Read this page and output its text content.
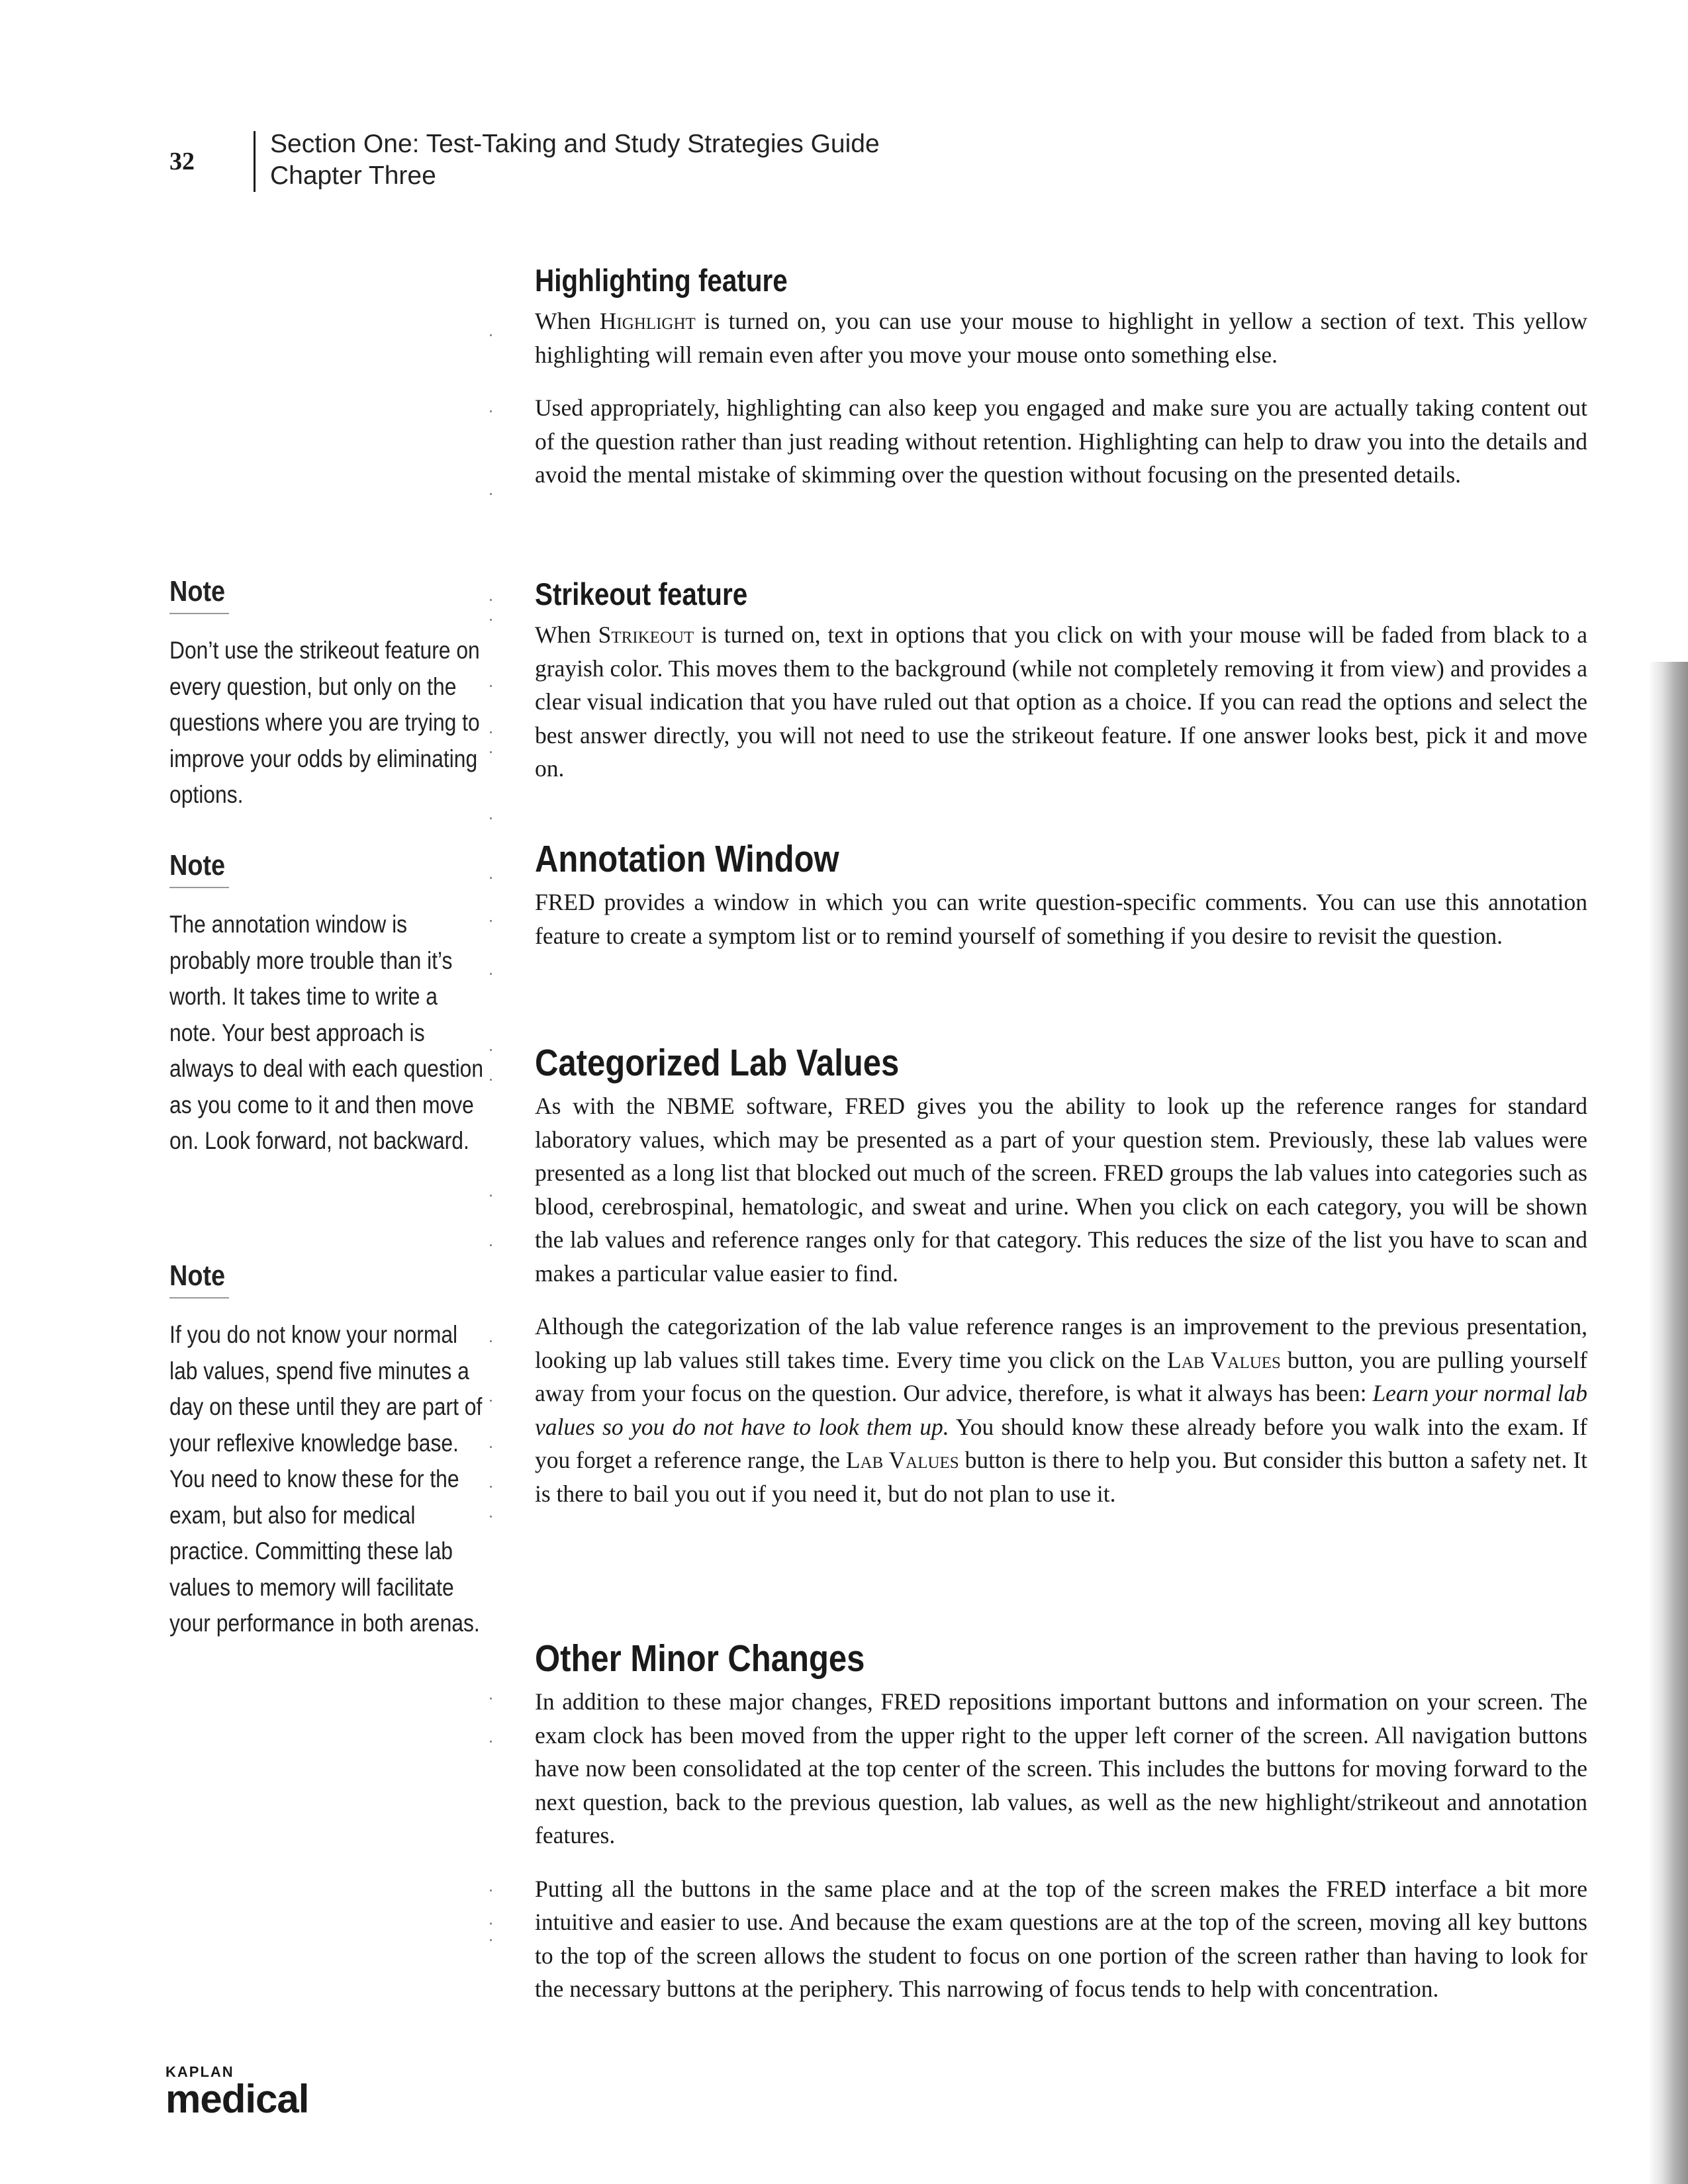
32
Section One: Test-Taking and Study Strategies Guide
Chapter Three

Note

Don’t use the strikeout feature on every question, but only on the questions where you are trying to improve your odds by eliminating options.

Note

The annotation window is probably more trouble than it’s worth. It takes time to write a note. Your best approach is always to deal with each question as you come to it and then move on. Look forward, not backward.

Note

If you do not know your normal lab values, spend five minutes a day on these until they are part of your reflexive knowledge base. You need to know these for the exam, but also for medical practice. Committing these lab values to memory will facilitate your performance in both arenas.

Highlighting feature

When Highlight is turned on, you can use your mouse to highlight in yellow a section of text. This yellow highlighting will remain even after you move your mouse onto something else.

Used appropriately, highlighting can also keep you engaged and make sure you are actually taking content out of the question rather than just reading without retention. Highlighting can help to draw you into the details and avoid the mental mistake of skimming over the question without focusing on the presented details.

Strikeout feature

When Strikeout is turned on, text in options that you click on with your mouse will be faded from black to a grayish color. This moves them to the background (while not completely removing it from view) and provides a clear visual indication that you have ruled out that option as a choice. If you can read the options and select the best answer directly, you will not need to use the strikeout feature. If one answer looks best, pick it and move on.

Annotation Window

FRED provides a window in which you can write question-specific comments. You can use this annotation feature to create a symptom list or to remind yourself of something if you desire to revisit the question.

Categorized Lab Values

As with the NBME software, FRED gives you the ability to look up the reference ranges for standard laboratory values, which may be presented as a part of your question stem. Previously, these lab values were presented as a long list that blocked out much of the screen. FRED groups the lab values into categories such as blood, cerebrospinal, hematologic, and sweat and urine. When you click on each category, you will be shown the lab values and reference ranges only for that category. This reduces the size of the list you have to scan and makes a particular value easier to find.

Although the categorization of the lab value reference ranges is an improvement to the previous presentation, looking up lab values still takes time. Every time you click on the Lab Values button, you are pulling yourself away from your focus on the question. Our advice, therefore, is what it always has been: Learn your normal lab values so you do not have to look them up. You should know these already before you walk into the exam. If you forget a reference range, the Lab Values button is there to help you. But consider this button a safety net. It is there to bail you out if you need it, but do not plan to use it.

Other Minor Changes

In addition to these major changes, FRED repositions important buttons and information on your screen. The exam clock has been moved from the upper right to the upper left corner of the screen. All navigation buttons have now been consolidated at the top center of the screen. This includes the buttons for moving forward to the next question, back to the previous question, lab values, as well as the new highlight/strikeout and annotation features.

Putting all the buttons in the same place and at the top of the screen makes the FRED interface a bit more intuitive and easier to use. And because the exam questions are at the top of the screen, moving all key buttons to the top of the screen allows the student to focus on one portion of the screen rather than having to look for the necessary buttons at the periphery. This narrowing of focus tends to help with concentration.

KAPLAN
medical
